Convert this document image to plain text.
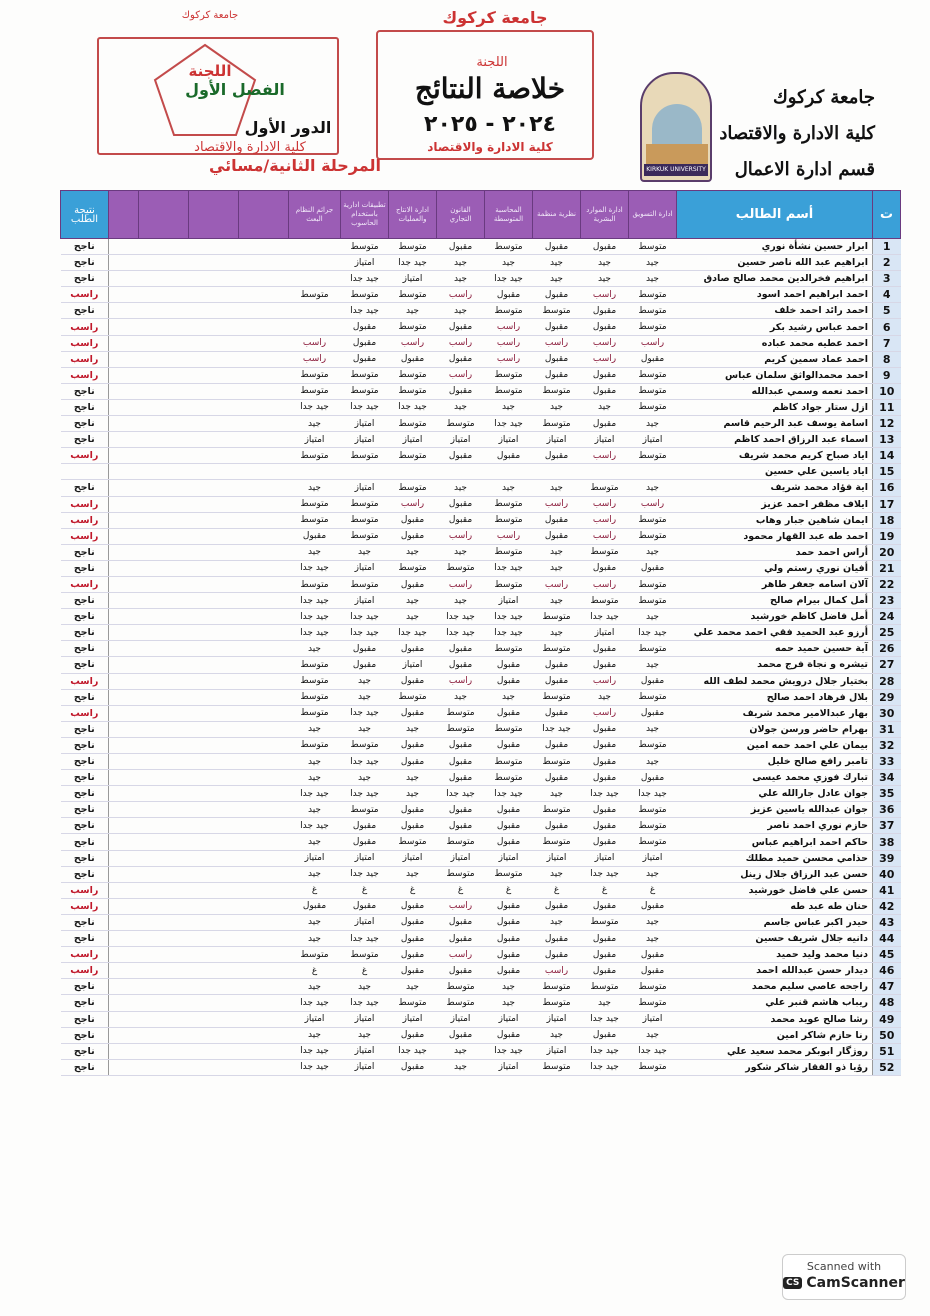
جامعة كركوك
كلية الادارة والاقتصاد
قسم ادارة الاعمال
KIRKUK UNIVERSITY
جامعة كركوك
اللجنة
خلاصة النتائج
٢٠٢٤ - ٢٠٢٥
كلية الادارة والاقتصاد
جامعة كركوك
اللجنة
الفصل الأول
الدور الأول
كلية الادارة والاقتصاد
المرحلة الثانية/مسائي
ت	أسم الطالب	ادارة التسويق	ادارة الموارد البشرية	نظرية منظمة	المحاسبة المتوسطة	القانون التجاري	ادارة الانتاج والعمليات	تطبيقات ادارية باستخدام الحاسوب	جرائم النظام البعث					نتيجة الطلب
1	ابرار حسين نشأة نوري	متوسط	مقبول	مقبول	متوسط	مقبول	متوسط	متوسط						ناجح
2	ابراهيم عبد الله ناصر حسين	جيد	جيد	جيد	جيد	جيد	جيد جدا	امتياز						ناجح
3	ابراهيم فخرالدين محمد صالح صادق	جيد	جيد	جيد	جيد جدا	جيد	امتياز	جيد جدا						ناجح
4	احمد ابراهيم احمد اسود	متوسط	راسب	مقبول	مقبول	راسب	متوسط	متوسط	متوسط					راسب
5	احمد رائد احمد خلف	متوسط	مقبول	متوسط	متوسط	جيد	جيد	جيد جدا						ناجح
6	احمد عباس رشيد بكر	متوسط	مقبول	مقبول	راسب	مقبول	متوسط	مقبول						راسب
7	احمد عطيه محمد عباده	راسب	راسب	راسب	راسب	راسب	راسب	مقبول	راسب					راسب
8	احمد عماد سمين كريم	مقبول	راسب	مقبول	راسب	مقبول	مقبول	مقبول	راسب					راسب
9	احمد محمدالواثق سلمان عباس	متوسط	مقبول	مقبول	متوسط	راسب	متوسط	متوسط	متوسط					راسب
10	احمد نعمه وسمي عبدالله	متوسط	مقبول	متوسط	متوسط	مقبول	متوسط	متوسط	متوسط					ناجح
11	ازل ستار جواد كاظم	متوسط	جيد	جيد	جيد	جيد	جيد جدا	جيد جدا	جيد جدا					ناجح
12	اسامة يوسف عبد الرحيم قاسم	جيد	مقبول	متوسط	جيد جدا	متوسط	متوسط	امتياز	جيد					ناجح
13	اسماء عبد الرزاق احمد كاظم	امتياز	امتياز	امتياز	امتياز	امتياز	امتياز	امتياز	امتياز					ناجح
14	اياد صباح كريم محمد شريف	متوسط	راسب	مقبول	مقبول	مقبول	متوسط	متوسط	متوسط					راسب
15	اياد ياسين علي حسين													
16	اية فؤاد محمد شريف	جيد	متوسط	جيد	جيد	جيد	متوسط	امتياز	جيد					ناجح
17	ايلاف مظفر احمد عزيز	راسب	راسب	راسب	متوسط	مقبول	راسب	متوسط	متوسط					راسب
18	ايمان شاهين جبار وهاب	متوسط	راسب	مقبول	متوسط	مقبول	مقبول	متوسط	متوسط					راسب
19	احمد طه عبد القهار محمود	متوسط	راسب	مقبول	راسب	راسب	مقبول	متوسط	مقبول					راسب
20	أراس احمد حمد	جيد	متوسط	جيد	متوسط	جيد	جيد	جيد	جيد					ناجح
21	أفيان نوري رستم ولي	مقبول	مقبول	جيد	جيد جدا	متوسط	متوسط	امتياز	جيد جدا					ناجح
22	آلان اسامه جعفر طاهر	متوسط	راسب	راسب	متوسط	راسب	مقبول	متوسط	متوسط					راسب
23	أمل كمال بيرام صالح	متوسط	متوسط	جيد	امتياز	جيد	جيد	امتياز	جيد جدا					ناجح
24	أمل فاضل كاظم خورشيد	جيد	جيد جدا	متوسط	جيد جدا	جيد جدا	جيد	جيد جدا	جيد جدا					ناجح
25	أرزو عبد الحميد فقي احمد محمد علي	جيد جدا	امتياز	جيد	جيد جدا	جيد جدا	جيد جدا	جيد جدا	جيد جدا					ناجح
26	آية حسين حميد حمه	متوسط	مقبول	متوسط	متوسط	مقبول	مقبول	مقبول	جيد					ناجح
27	تيشره و نجاة فرج محمد	جيد	مقبول	مقبول	مقبول	مقبول	امتياز	مقبول	متوسط					ناجح
28	بختيار جلال درويش محمد لطف الله	مقبول	راسب	مقبول	مقبول	راسب	مقبول	جيد	متوسط					راسب
29	بلال فرهاد احمد صالح	متوسط	جيد	متوسط	جيد	جيد	متوسط	جيد	متوسط					ناجح
30	بهار عبدالامير محمد شريف	مقبول	راسب	مقبول	مقبول	متوسط	مقبول	جيد جدا	متوسط					راسب
31	بهرام حاضر ورسن جولان	جيد	مقبول	جيد جدا	متوسط	متوسط	جيد	جيد	جيد					ناجح
32	بيمان علي احمد حمه امين	متوسط	مقبول	مقبول	مقبول	مقبول	مقبول	متوسط	متوسط					ناجح
33	تامبر رافع صالح خليل	جيد	مقبول	متوسط	متوسط	مقبول	مقبول	جيد جدا	جيد					ناجح
34	تبارك فوزي محمد عيسى	مقبول	مقبول	مقبول	متوسط	مقبول	جيد	جيد	جيد					ناجح
35	جوان عادل جارالله علي	جيد جدا	جيد جدا	جيد	جيد جدا	جيد جدا	جيد	جيد جدا	جيد جدا					ناجح
36	جوان عبدالله ياسين عزيز	متوسط	مقبول	متوسط	مقبول	مقبول	مقبول	متوسط	جيد					ناجح
37	حازم نوري احمد ناصر	متوسط	مقبول	مقبول	مقبول	مقبول	مقبول	مقبول	جيد جدا					ناجح
38	حاكم احمد ابراهيم عباس	متوسط	مقبول	متوسط	مقبول	متوسط	متوسط	مقبول	جيد					ناجح
39	حذامي محسن حميد مطلك	امتياز	امتياز	امتياز	امتياز	امتياز	امتياز	امتياز	امتياز					ناجح
40	حسن عبد الرزاق جلال زينل	جيد	جيد جدا	جيد	متوسط	متوسط	جيد	جيد جدا	جيد					ناجح
41	حسن علي فاضل خورشيد	غ	غ	غ	غ	غ	غ	غ	غ					راسب
42	حنان طه عبد طه	مقبول	مقبول	مقبول	مقبول	راسب	مقبول	مقبول	مقبول					راسب
43	حيدر اكبر عباس جاسم	جيد	متوسط	جيد	مقبول	مقبول	مقبول	امتياز	جيد					ناجح
44	دانيه جلال شريف حسين	جيد	مقبول	مقبول	مقبول	مقبول	مقبول	جيد جدا	جيد					ناجح
45	دنيا محمد وليد حميد	مقبول	مقبول	مقبول	مقبول	راسب	مقبول	متوسط	متوسط					راسب
46	ديدار حسن عبدالله احمد	مقبول	مقبول	راسب	مقبول	مقبول	مقبول	غ	غ					راسب
47	راجحه عاصي سليم محمد	متوسط	متوسط	متوسط	جيد	متوسط	جيد	جيد	جيد					ناجح
48	ريباب هاشم قنبر علي	متوسط	جيد	متوسط	جيد	متوسط	متوسط	جيد جدا	جيد جدا					ناجح
49	رشا صالح عويد محمد	امتياز	جيد جدا	امتياز	امتياز	امتياز	امتياز	امتياز	امتياز					ناجح
50	رنا حازم شاكر امين	جيد	مقبول	جيد	مقبول	مقبول	مقبول	جيد	جيد					ناجح
51	روژگار ابوبكر محمد سعيد علي	جيد جدا	جيد جدا	امتياز	جيد جدا	جيد	جيد جدا	امتياز	جيد جدا					ناجح
52	رؤيا ذو الفقار شاكر شكور	متوسط	جيد جدا	متوسط	امتياز	جيد	مقبول	امتياز	جيد جدا					ناجح
Scanned with
CS CamScanner
